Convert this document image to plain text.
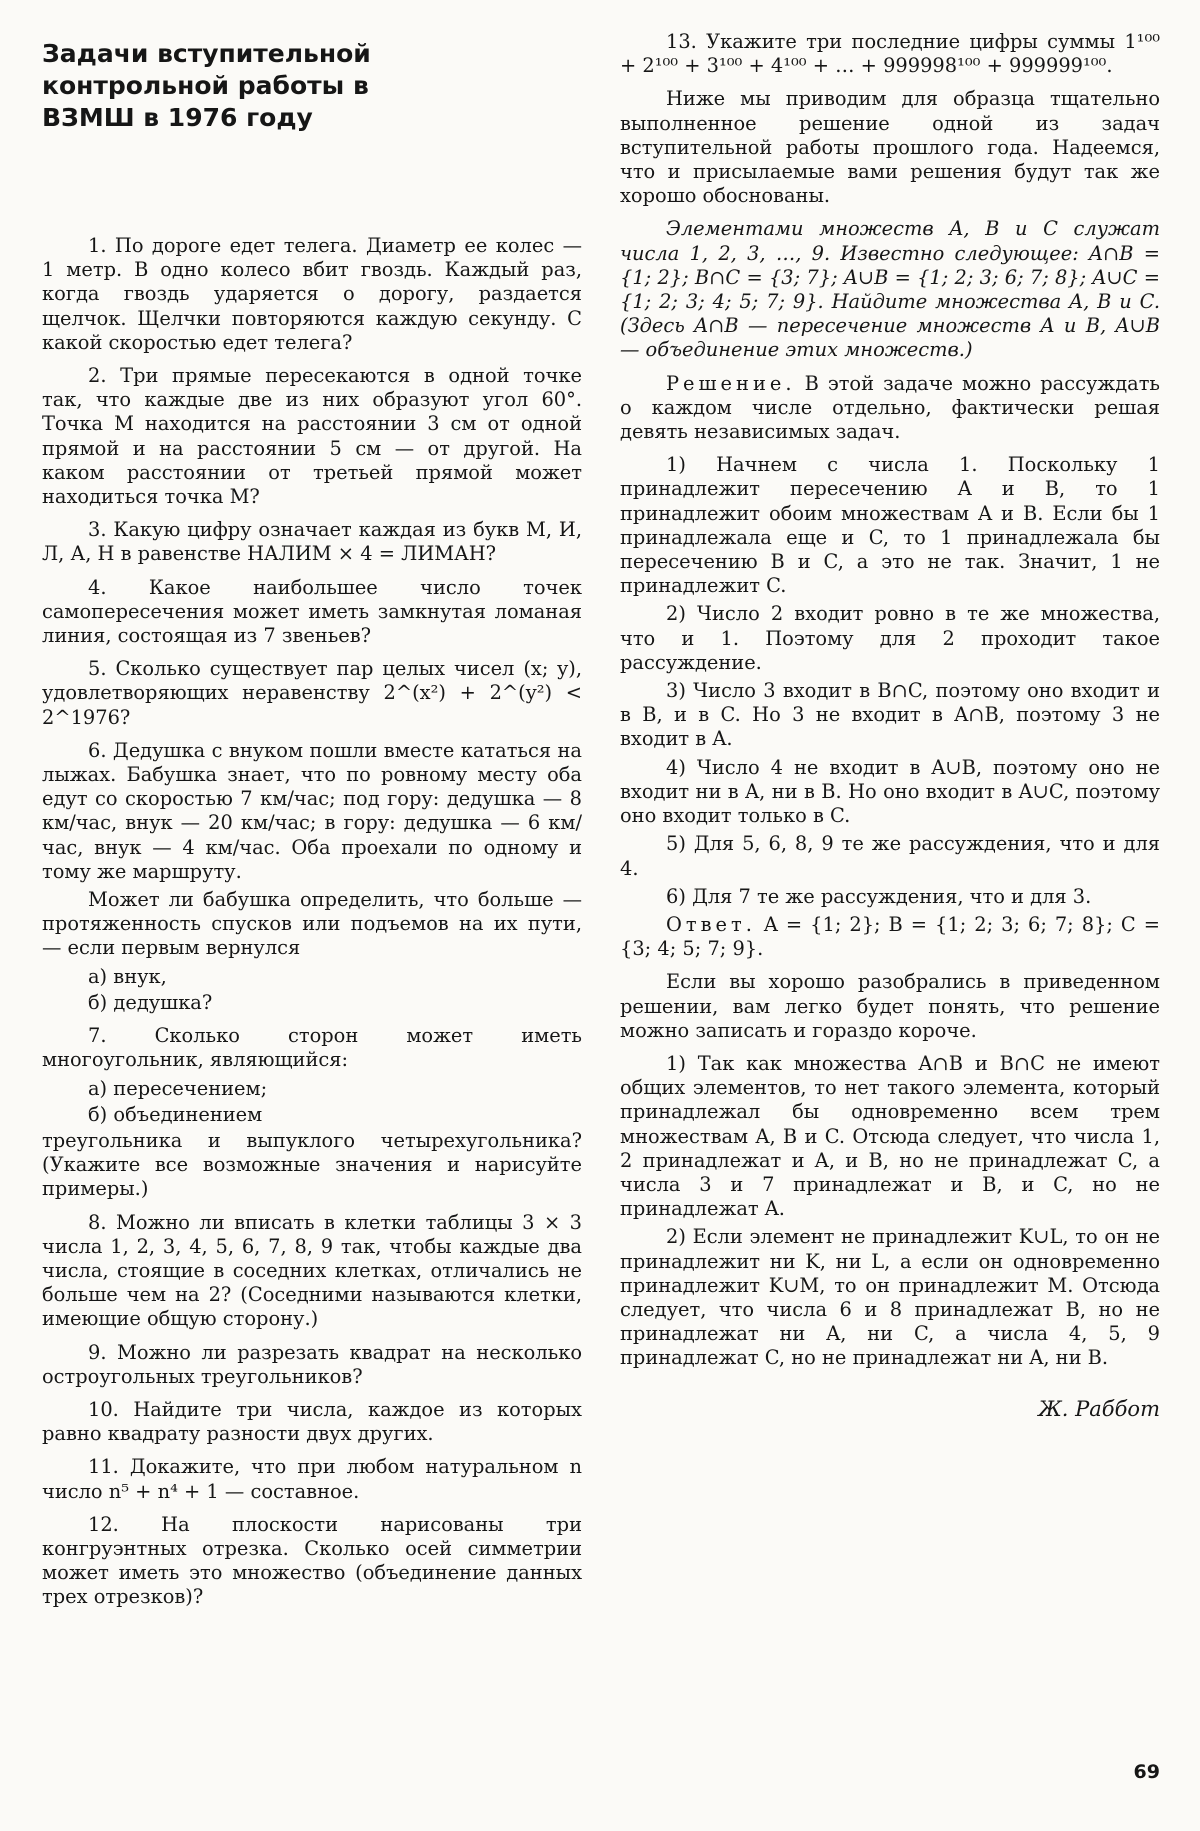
Задачи вступительной контрольной работы в ВЗМШ в 1976 году

1. По дороге едет телега. Диаметр ее колес — 1 метр. В одно колесо вбит гвоздь. Каждый раз, когда гвоздь ударяется о дорогу, раздается щелчок. Щелчки повторяются каждую секунду. С какой скоростью едет телега?

2. Три прямые пересекаются в одной точке так, что каждые две из них образуют угол 60°. Точка М находится на расстоянии 3 см от одной прямой и на расстоянии 5 см — от другой. На каком расстоянии от третьей прямой может находиться точка М?

3. Какую цифру означает каждая из букв М, И, Л, А, Н в равенстве НАЛИМ × 4 = ЛИМАН?

4. Какое наибольшее число точек самопересечения может иметь замкнутая ломаная линия, состоящая из 7 звеньев?

5. Сколько существует пар целых чисел (x; y), удовлетворяющих неравенству 2^(x²) + 2^(y²) < 2^1976?

6. Дедушка с внуком пошли вместе кататься на лыжах. Бабушка знает, что по ровному месту оба едут со скоростью 7 км/час; под гору: дедушка — 8 км/час, внук — 20 км/час; в гору: дедушка — 6 км/час, внук — 4 км/час. Оба проехали по одному и тому же маршруту.

Может ли бабушка определить, что больше — протяженность спусков или подъемов на их пути, — если первым вернулся

а) внук,

б) дедушка?

7. Сколько сторон может иметь многоугольник, являющийся:

а) пересечением;

б) объединением

треугольника и выпуклого четырехугольника? (Укажите все возможные значения и нарисуйте примеры.)

8. Можно ли вписать в клетки таблицы 3 × 3 числа 1, 2, 3, 4, 5, 6, 7, 8, 9 так, чтобы каждые два числа, стоящие в соседних клетках, отличались не больше чем на 2? (Соседними называются клетки, имеющие общую сторону.)

9. Можно ли разрезать квадрат на несколько остроугольных треугольников?

10. Найдите три числа, каждое из которых равно квадрату разности двух других.

11. Докажите, что при любом натуральном n число n⁵ + n⁴ + 1 — составное.

12. На плоскости нарисованы три конгруэнтных отрезка. Сколько осей симметрии может иметь это множество (объединение данных трех отрезков)?

13. Укажите три последние цифры суммы 1¹⁰⁰ + 2¹⁰⁰ + 3¹⁰⁰ + 4¹⁰⁰ + … + 999998¹⁰⁰ + 999999¹⁰⁰.

Ниже мы приводим для образца тщательно выполненное решение одной из задач вступительной работы прошлого года. Надеемся, что и присылаемые вами решения будут так же хорошо обоснованы.

Элементами множеств A, B и C служат числа 1, 2, 3, …, 9. Известно следующее: A∩B = {1; 2}; B∩C = {3; 7}; A∪B = {1; 2; 3; 6; 7; 8}; A∪C = {1; 2; 3; 4; 5; 7; 9}. Найдите множества A, B и C. (Здесь A∩B — пересечение множеств A и B, A∪B — объединение этих множеств.)

Решение. В этой задаче можно рассуждать о каждом числе отдельно, фактически решая девять независимых задач.

1) Начнем с числа 1. Поскольку 1 принадлежит пересечению A и B, то 1 принадлежит обоим множествам A и B. Если бы 1 принадлежала еще и C, то 1 принадлежала бы пересечению B и C, а это не так. Значит, 1 не принадлежит C.

2) Число 2 входит ровно в те же множества, что и 1. Поэтому для 2 проходит такое рассуждение.

3) Число 3 входит в B∩C, поэтому оно входит и в B, и в C. Но 3 не входит в A∩B, поэтому 3 не входит в A.

4) Число 4 не входит в A∪B, поэтому оно не входит ни в A, ни в B. Но оно входит в A∪C, поэтому оно входит только в C.

5) Для 5, 6, 8, 9 те же рассуждения, что и для 4.

6) Для 7 те же рассуждения, что и для 3.

Ответ. A = {1; 2}; B = {1; 2; 3; 6; 7; 8}; C = {3; 4; 5; 7; 9}.

Если вы хорошо разобрались в приведенном решении, вам легко будет понять, что решение можно записать и гораздо короче.

1) Так как множества A∩B и B∩C не имеют общих элементов, то нет такого элемента, который принадлежал бы одновременно всем трем множествам A, B и C. Отсюда следует, что числа 1, 2 принадлежат и A, и B, но не принадлежат C, а числа 3 и 7 принадлежат и B, и C, но не принадлежат A.

2) Если элемент не принадлежит K∪L, то он не принадлежит ни K, ни L, а если он одновременно принадлежит K∪M, то он принадлежит M. Отсюда следует, что числа 6 и 8 принадлежат B, но не принадлежат ни A, ни C, а числа 4, 5, 9 принадлежат C, но не принадлежат ни A, ни B.

Ж. Раббот
69
